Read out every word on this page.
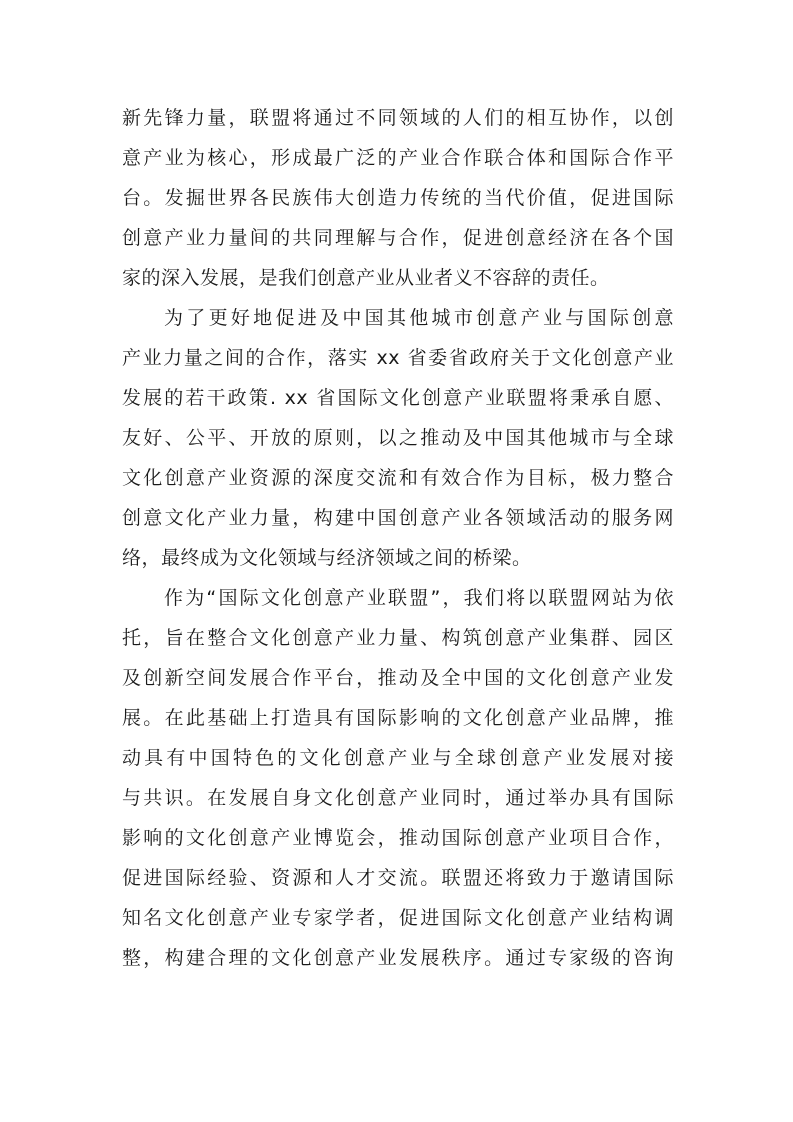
新先锋力量，联盟将通过不同领域的人们的相互协作，以创
意产业为核心，形成最广泛的产业合作联合体和国际合作平
台。发掘世界各民族伟大创造力传统的当代价值，促进国际
创意产业力量间的共同理解与合作，促进创意经济在各个国
家的深入发展，是我们创意产业从业者义不容辞的责任。
为了更好地促进及中国其他城市创意产业与国际创意
产业力量之间的合作，落实 xx 省委省政府关于文化创意产业
发展的若干政策. xx 省国际文化创意产业联盟将秉承自愿、
友好、公平、开放的原则，以之推动及中国其他城市与全球
文化创意产业资源的深度交流和有效合作为目标，极力整合
创意文化产业力量，构建中国创意产业各领域活动的服务网
络，最终成为文化领域与经济领域之间的桥梁。
作为“国际文化创意产业联盟”，我们将以联盟网站为依
托，旨在整合文化创意产业力量、构筑创意产业集群、园区
及创新空间发展合作平台，推动及全中国的文化创意产业发
展。在此基础上打造具有国际影响的文化创意产业品牌，推
动具有中国特色的文化创意产业与全球创意产业发展对接
与共识。在发展自身文化创意产业同时，通过举办具有国际
影响的文化创意产业博览会，推动国际创意产业项目合作，
促进国际经验、资源和人才交流。联盟还将致力于邀请国际
知名文化创意产业专家学者，促进国际文化创意产业结构调
整，构建合理的文化创意产业发展秩序。通过专家级的咨询
